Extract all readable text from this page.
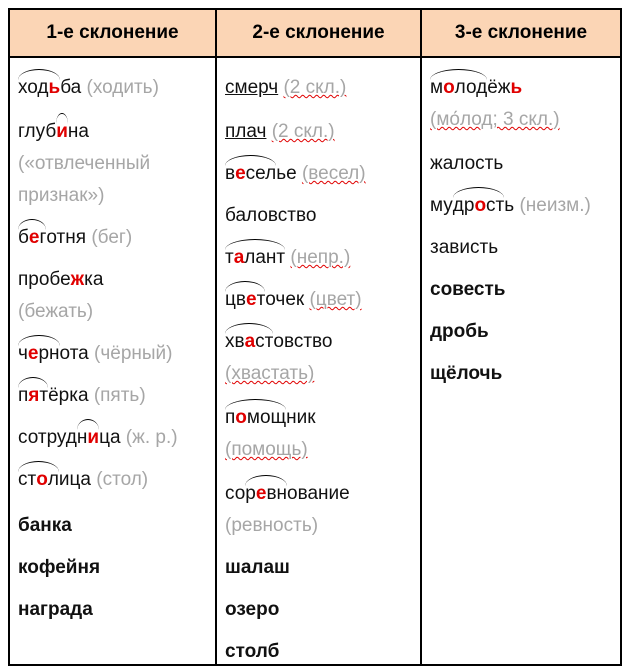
1-е склонение	2-е склонение	3-е склонение
ходьба (ходить)
глубина
(«отвлеченный
признак»)
беготня (бег)
пробежка
(бежать)
чернота (чёрный)
пятёрка (пять)
сотрудница (ж. р.)
столица (стол)
банка
кофейня
награда
смерч (2 скл.)
плач (2 скл.)
веселье (весел)
баловство
талант (непр.)
цветочек (цвет)
хвастовство
(хвастать)
помощник
(помощь)
соревнование
(ревность)
шалаш
озеро
столб
молодёжь
(мо́лод; 3 скл.)
жалость
мудрость (неизм.)
зависть
совесть
дробь
щёлочь
